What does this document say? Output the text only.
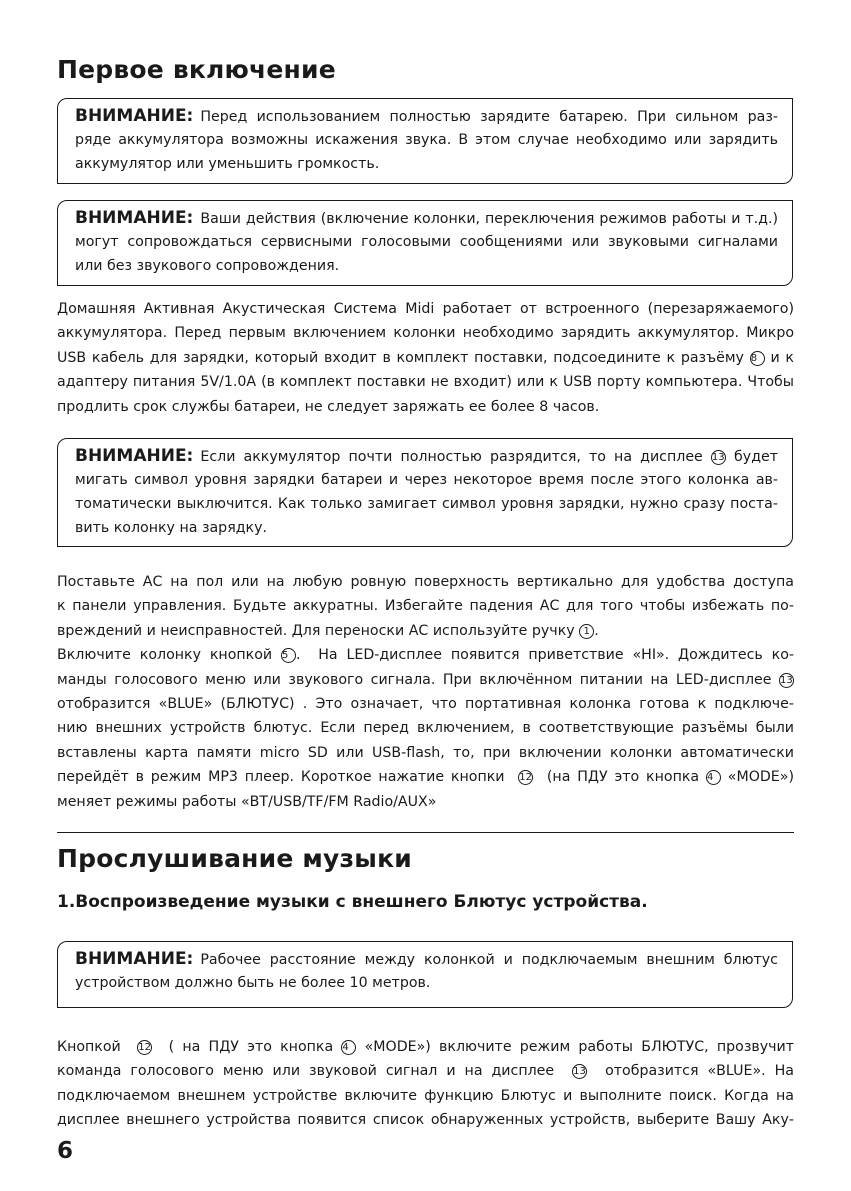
Первое включение
ВНИМАНИЕ: Перед использованием полностью зарядите батарею. При сильном раз-
ряде аккумулятора возможны искажения звука. В этом случае необходимо или зарядить
аккумулятор или уменьшить громкость.
ВНИМАНИЕ: Ваши действия (включение колонки, переключения режимов работы и т.д.)
могут сопровождаться сервисными голосовыми сообщениями или звуковыми сигналами
или без звукового сопровождения.
Домашняя Активная Акустическая Система Midi работает от встроенного (перезаряжаемого)
аккумулятора. Перед первым включением колонки необходимо зарядить аккумулятор. Микро
USB кабель для зарядки, который входит в комплект поставки, подсоедините к разъёму 8 и к
адаптеру питания 5V/1.0A (в комплект поставки не входит) или к USB порту компьютера. Чтобы
продлить срок службы батареи, не следует заряжать ее более 8 часов.
ВНИМАНИЕ: Если аккумулятор почти полностью разрядится, то на дисплее 13 будет
мигать символ уровня зарядки батареи и через некоторое время после этого колонка ав-
томатически выключится. Как только замигает символ уровня зарядки, нужно сразу поста-
вить колонку на зарядку.
Поставьте АС на пол или на любую ровную поверхность вертикально для удобства доступа
к панели управления. Будьте аккуратны. Избегайте падения АС для того чтобы избежать по-
вреждений и неисправностей. Для переноски АС используйте ручку 1 .
Включите колонку кнопкой 5 .  На LED-дисплее появится приветствие «HI». Дождитесь ко-
манды голосового меню или звукового сигнала. При включённом питании на LED-дисплее 13
отобразится «BLUE» (БЛЮТУС) . Это означает, что портативная колонка готова к подключе-
нию внешних устройств блютус. Если перед включением, в соответствующие разъёмы были
вставлены карта памяти micro SD или USB-flash, то, при включении колонки автоматически
перейдёт в режим MP3 плеер. Короткое нажатие кнопки 12 (на ПДУ это кнопка 4 «MODE»)
меняет режимы работы «BT/USB/TF/FM Radio/AUX»
Прослушивание музыки
1.Воспроизведение музыки с внешнего Блютус устройства.
ВНИМАНИЕ: Рабочее расстояние между колонкой и подключаемым внешним блютус
устройством должно быть не более 10 метров.
Кнопкой 12 ( на ПДУ это кнопка 4 «MODE») включите режим работы БЛЮТУС, прозвучит
команда голосового меню или звуковой сигнал и на дисплее 13 отобразится «BLUE». На
подключаемом внешнем устройстве включите функцию Блютус и выполните поиск. Когда на
дисплее внешнего устройства появится список обнаруженных устройств, выберите Вашу Аку-
6
